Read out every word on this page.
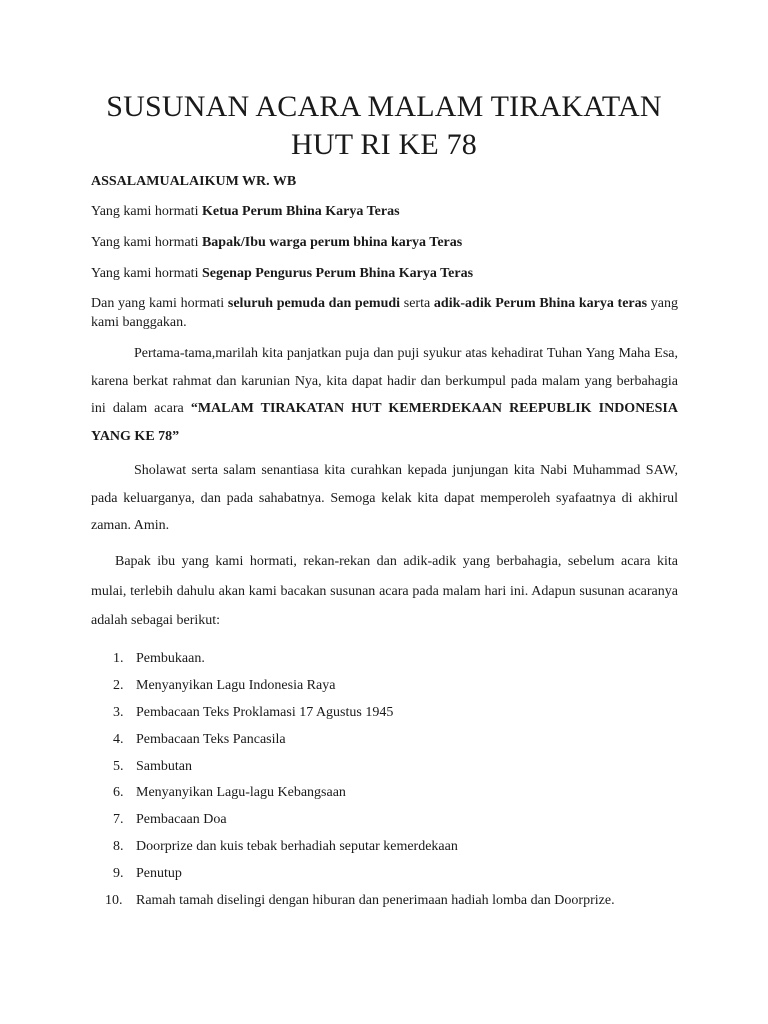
SUSUNAN ACARA MALAM TIRAKATAN
HUT RI KE 78
ASSALAMUALAIKUM WR. WB
Yang kami hormati Ketua Perum Bhina Karya Teras
Yang kami hormati Bapak/Ibu warga perum bhina karya Teras
Yang kami hormati Segenap Pengurus Perum Bhina Karya Teras
Dan yang kami hormati seluruh pemuda dan pemudi serta adik-adik Perum Bhina karya teras yang kami banggakan.
Pertama-tama,marilah kita panjatkan puja dan puji syukur atas kehadirat Tuhan Yang Maha Esa, karena berkat rahmat dan karunian Nya, kita dapat hadir dan berkumpul pada malam yang berbahagia ini dalam acara “MALAM TIRAKATAN HUT KEMERDEKAAN REEPUBLIK INDONESIA YANG KE 78”
Sholawat serta salam senantiasa kita curahkan kepada junjungan kita Nabi Muhammad SAW, pada keluarganya, dan pada sahabatnya. Semoga kelak kita dapat memperoleh syafaatnya di akhirul zaman. Amin.
Bapak ibu yang kami hormati, rekan-rekan dan adik-adik yang berbahagia, sebelum acara kita mulai, terlebih dahulu akan kami bacakan susunan acara pada malam hari ini. Adapun susunan acaranya adalah sebagai berikut:
1. Pembukaan.
2. Menyanyikan Lagu Indonesia Raya
3. Pembacaan Teks Proklamasi 17 Agustus 1945
4. Pembacaan Teks Pancasila
5. Sambutan
6. Menyanyikan Lagu-lagu Kebangsaan
7. Pembacaan Doa
8. Doorprize dan kuis tebak berhadiah seputar kemerdekaan
9. Penutup
10. Ramah tamah diselingi dengan hiburan dan penerimaan hadiah lomba dan Doorprize.
